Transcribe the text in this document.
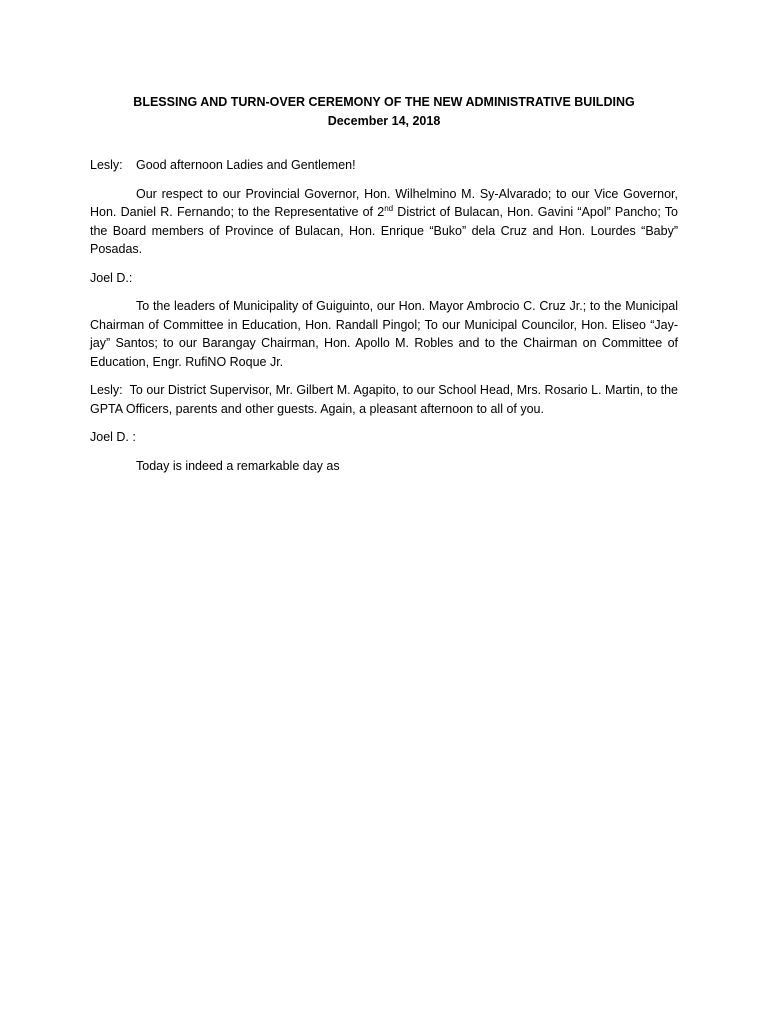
BLESSING AND TURN-OVER CEREMONY OF THE NEW ADMINISTRATIVE BUILDING
December 14, 2018

Lesly: Good afternoon Ladies and Gentlemen!

Our respect to our Provincial Governor, Hon. Wilhelmino M. Sy-Alvarado; to our Vice Governor, Hon. Daniel R. Fernando; to the Representative of 2nd District of Bulacan, Hon. Gavini “Apol” Pancho; To the Board members of Province of Bulacan, Hon. Enrique “Buko” dela Cruz and Hon. Lourdes “Baby” Posadas.

Joel D.:

To the leaders of Municipality of Guiguinto, our Hon. Mayor Ambrocio C. Cruz Jr.; to the Municipal Chairman of Committee in Education, Hon. Randall Pingol; To our Municipal Councilor, Hon. Eliseo “Jay-jay” Santos; to our Barangay Chairman, Hon. Apollo M. Robles and to the Chairman on Committee of Education, Engr. RufiNO Roque Jr.

Lesly: To our District Supervisor, Mr. Gilbert M. Agapito, to our School Head, Mrs. Rosario L. Martin, to the GPTA Officers, parents and other guests. Again, a pleasant afternoon to all of you.

Joel D. :

Today is indeed a remarkable day as
